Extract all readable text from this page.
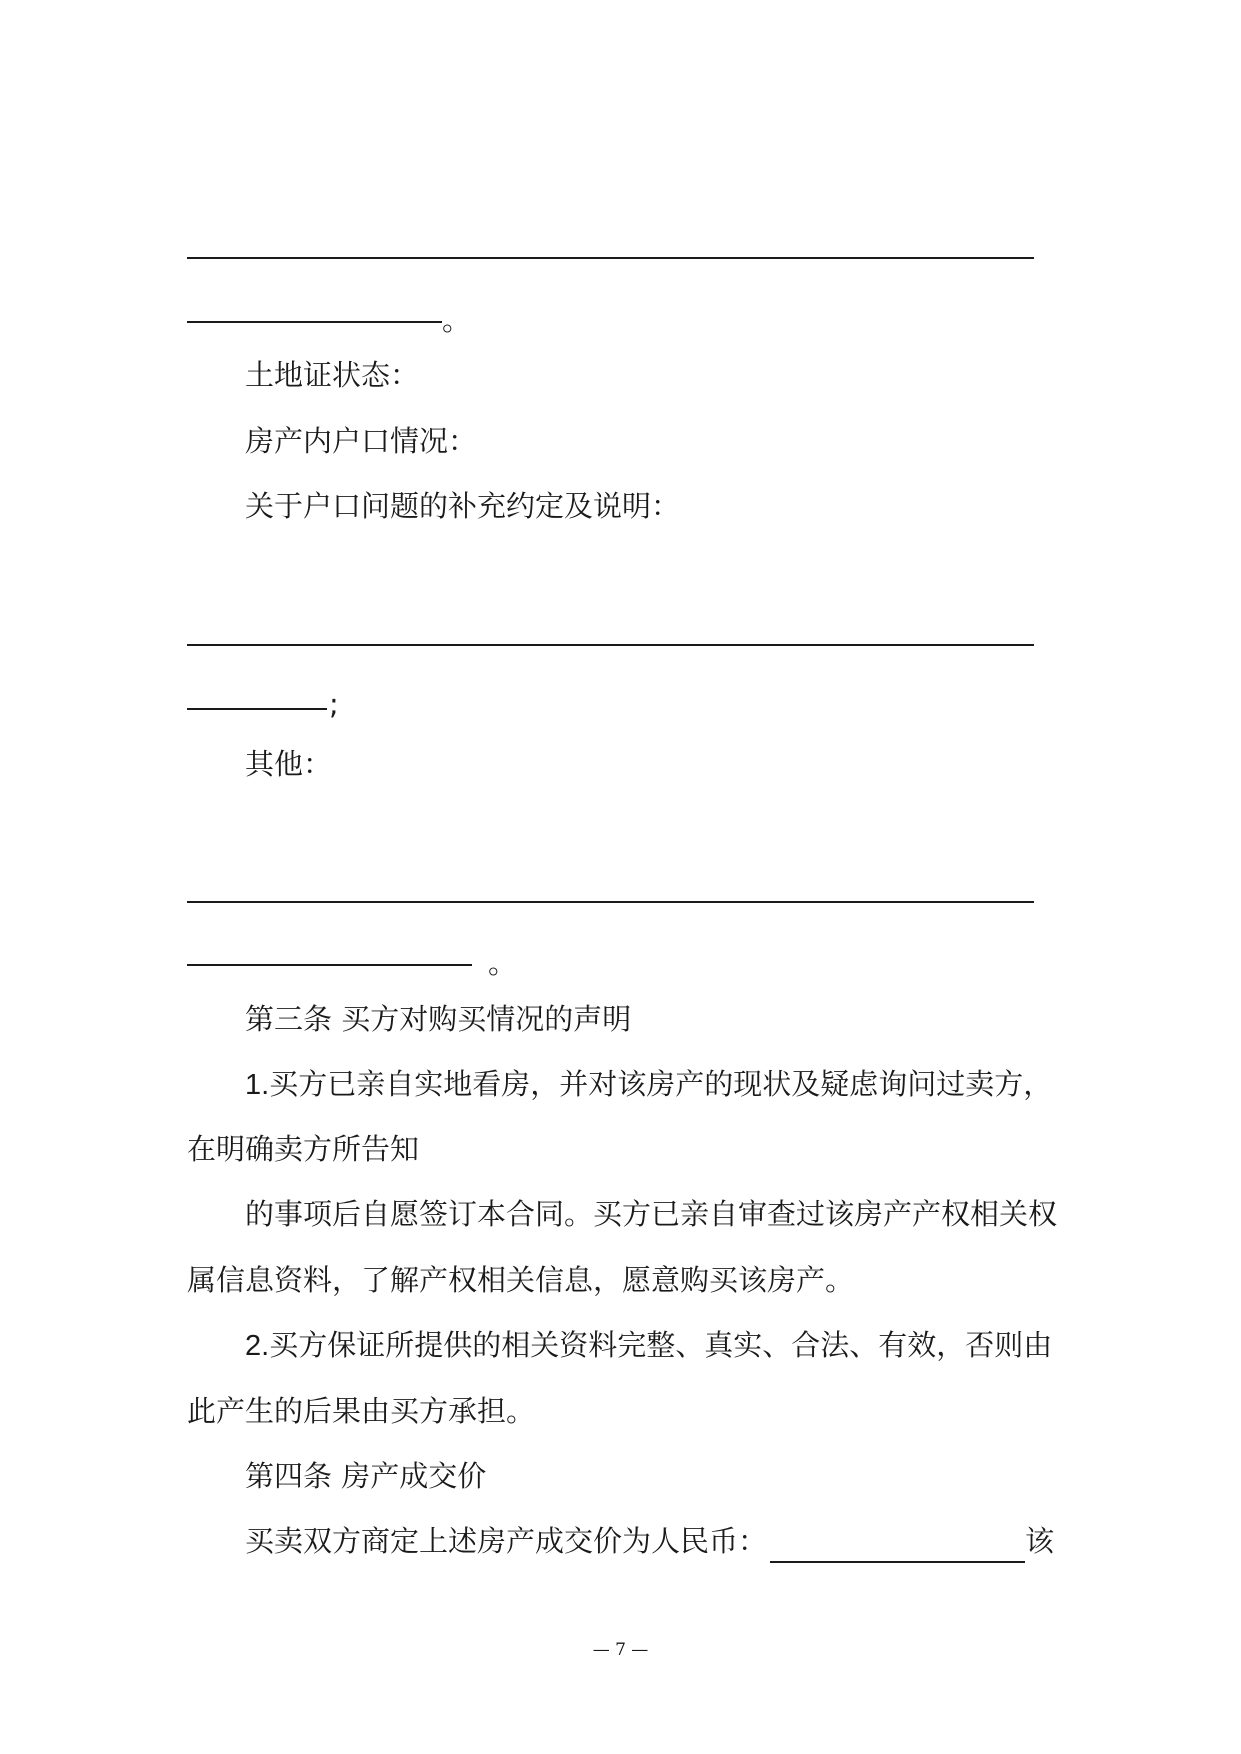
。
土地证状态：
房产内户口情况：
关于户口问题的补充约定及说明：
;
其他：
。
第三条 买方对购买情况的声明
1.买方已亲自实地看房，并对该房产的现状及疑虑询问过卖方，
在明确卖方所告知
的事项后自愿签订本合同。买方已亲自审查过该房产产权相关权
属信息资料，了解产权相关信息，愿意购买该房产。
2.买方保证所提供的相关资料完整、真实、合法、有效，否则由
此产生的后果由买方承担。
第四条 房产成交价
买卖双方商定上述房产成交价为人民币：	该
— 7 —
